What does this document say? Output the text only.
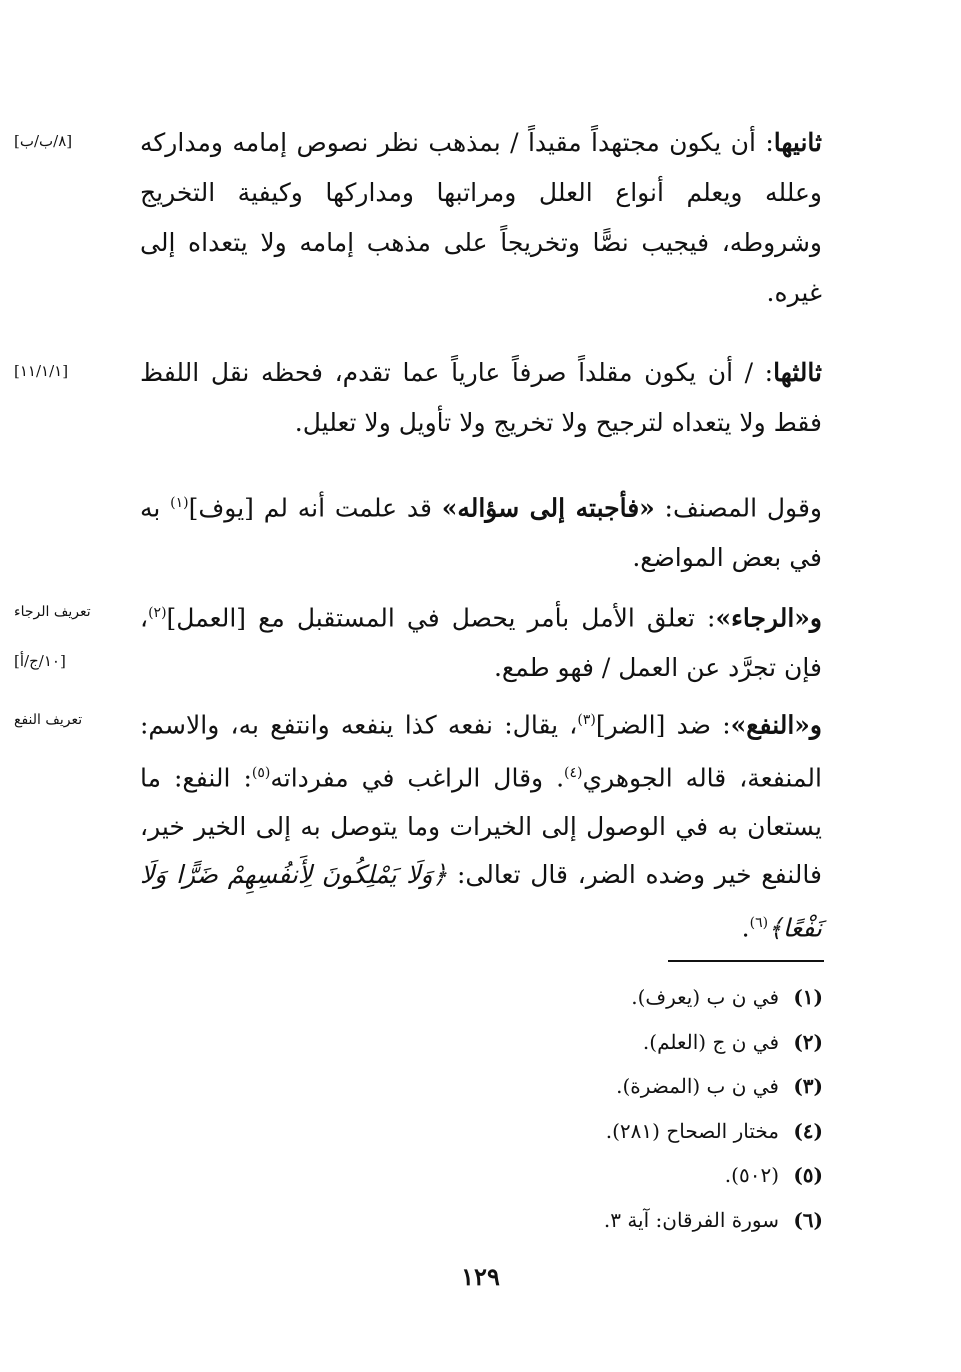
ثانيها: أن يكون مجتهداً مقيداً / بمذهب نظر نصوص إمامه ومداركه وعلله ويعلم أنواع العلل ومراتبها ومداركها وكيفية التخريج وشروطه، فيجيب نصًّا وتخريجاً على مذهب إمامه ولا يتعداه إلى غيره.
[٨/ب/ب]
ثالثها: / أن يكون مقلداً صرفاً عارياً عما تقدم، فحظه نقل اللفظ فقط ولا يتعداه لترجيح ولا تخريج ولا تأويل ولا تعليل.
[١١/١/١]
وقول المصنف: «فأجبته إلى سؤاله» قد علمت أنه لم [يوف]$^{(١)}$ به في بعض المواضع.
و«الرجاء»: تعلق الأمل بأمر يحصل في المستقبل مع [العمل]$^{(٢)}$، فإن تجرَّد عن العمل / فهو طمع.
تعريف الرجاء
[١٠/ج/أ]
و«النفع»: ضد [الضر]$^{(٣)}$، يقال: نفعه كذا ينفعه وانتفع به، والاسم: المنفعة، قاله الجوهري$^{(٤)}$. وقال الراغب في مفرداته$^{(٥)}$: النفع: ما يستعان به في الوصول إلى الخيرات وما يتوصل به إلى الخير خير، فالنفع خير وضده الضر، قال تعالى: ﴿وَلَا يَمْلِكُونَ لِأَنفُسِهِمْ ضَرًّا وَلَا نَفْعًا﴾$^{(٦)}$.
تعريف النفع
(١)في ن ب (يعرف).
(٢)في ن ج (العلم).
(٣)في ن ب (المضرة).
(٤)مختار الصحاح (٢٨١).
(٥)(٥٠٢).
(٦)سورة الفرقان: آية ٣.
١٢٩
